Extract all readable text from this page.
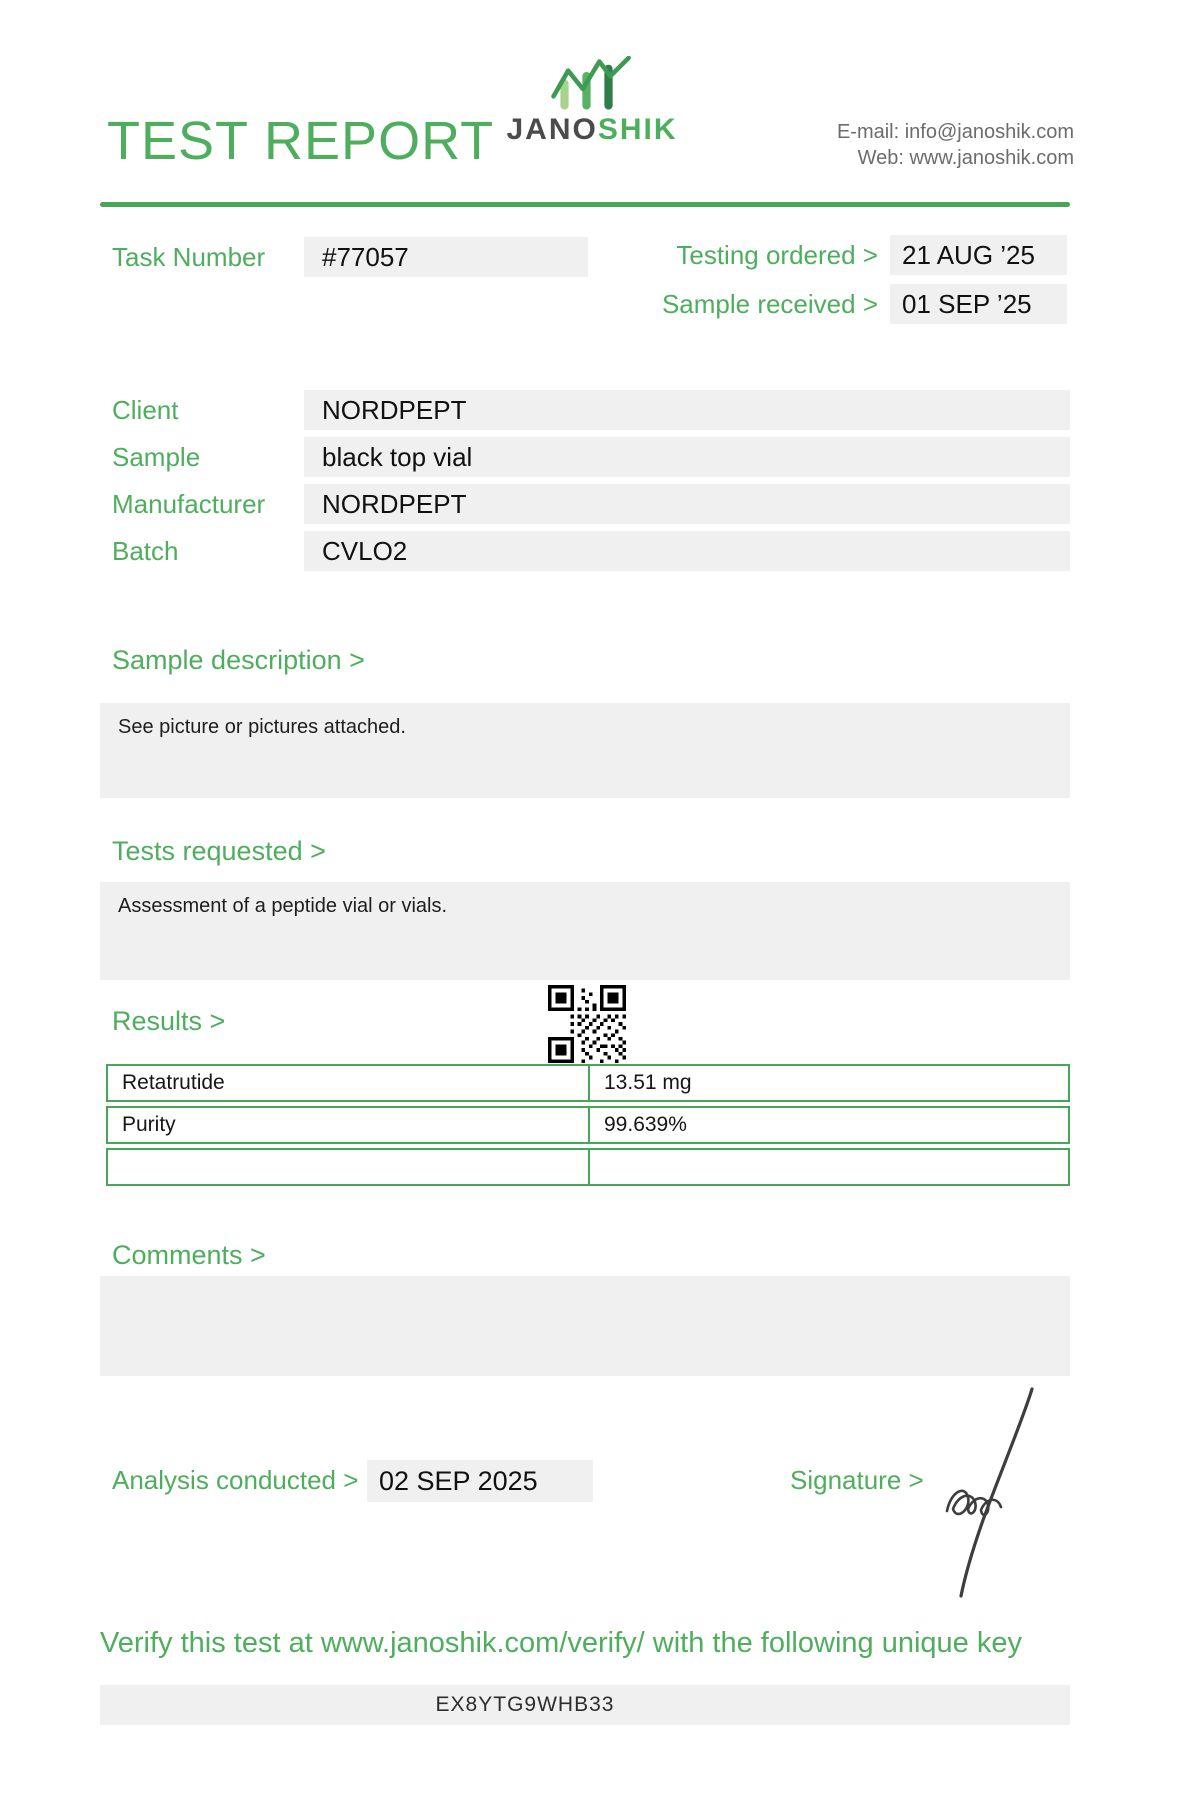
TEST REPORT JANOSHIK	E-mail: info@janoshik.com
Web: www.janoshik.com
Task Number	#77057	Testing ordered > 21 AUG ’25
Sample received > 01 SEP ’25
Client	NORDPEPT
Sample	black top vial
Manufacturer	NORDPEPT
Batch	CVLO2
Sample description >
See picture or pictures attached.
Tests requested >
Assessment of a peptide vial or vials.
Results >
Retatrutide	13.51 mg
Purity	99.639%
Comments >
Analysis conducted > 02 SEP 2025	Signature >
Verify this test at www.janoshik.com/verify/ with the following unique key
EX8YTG9WHB33
